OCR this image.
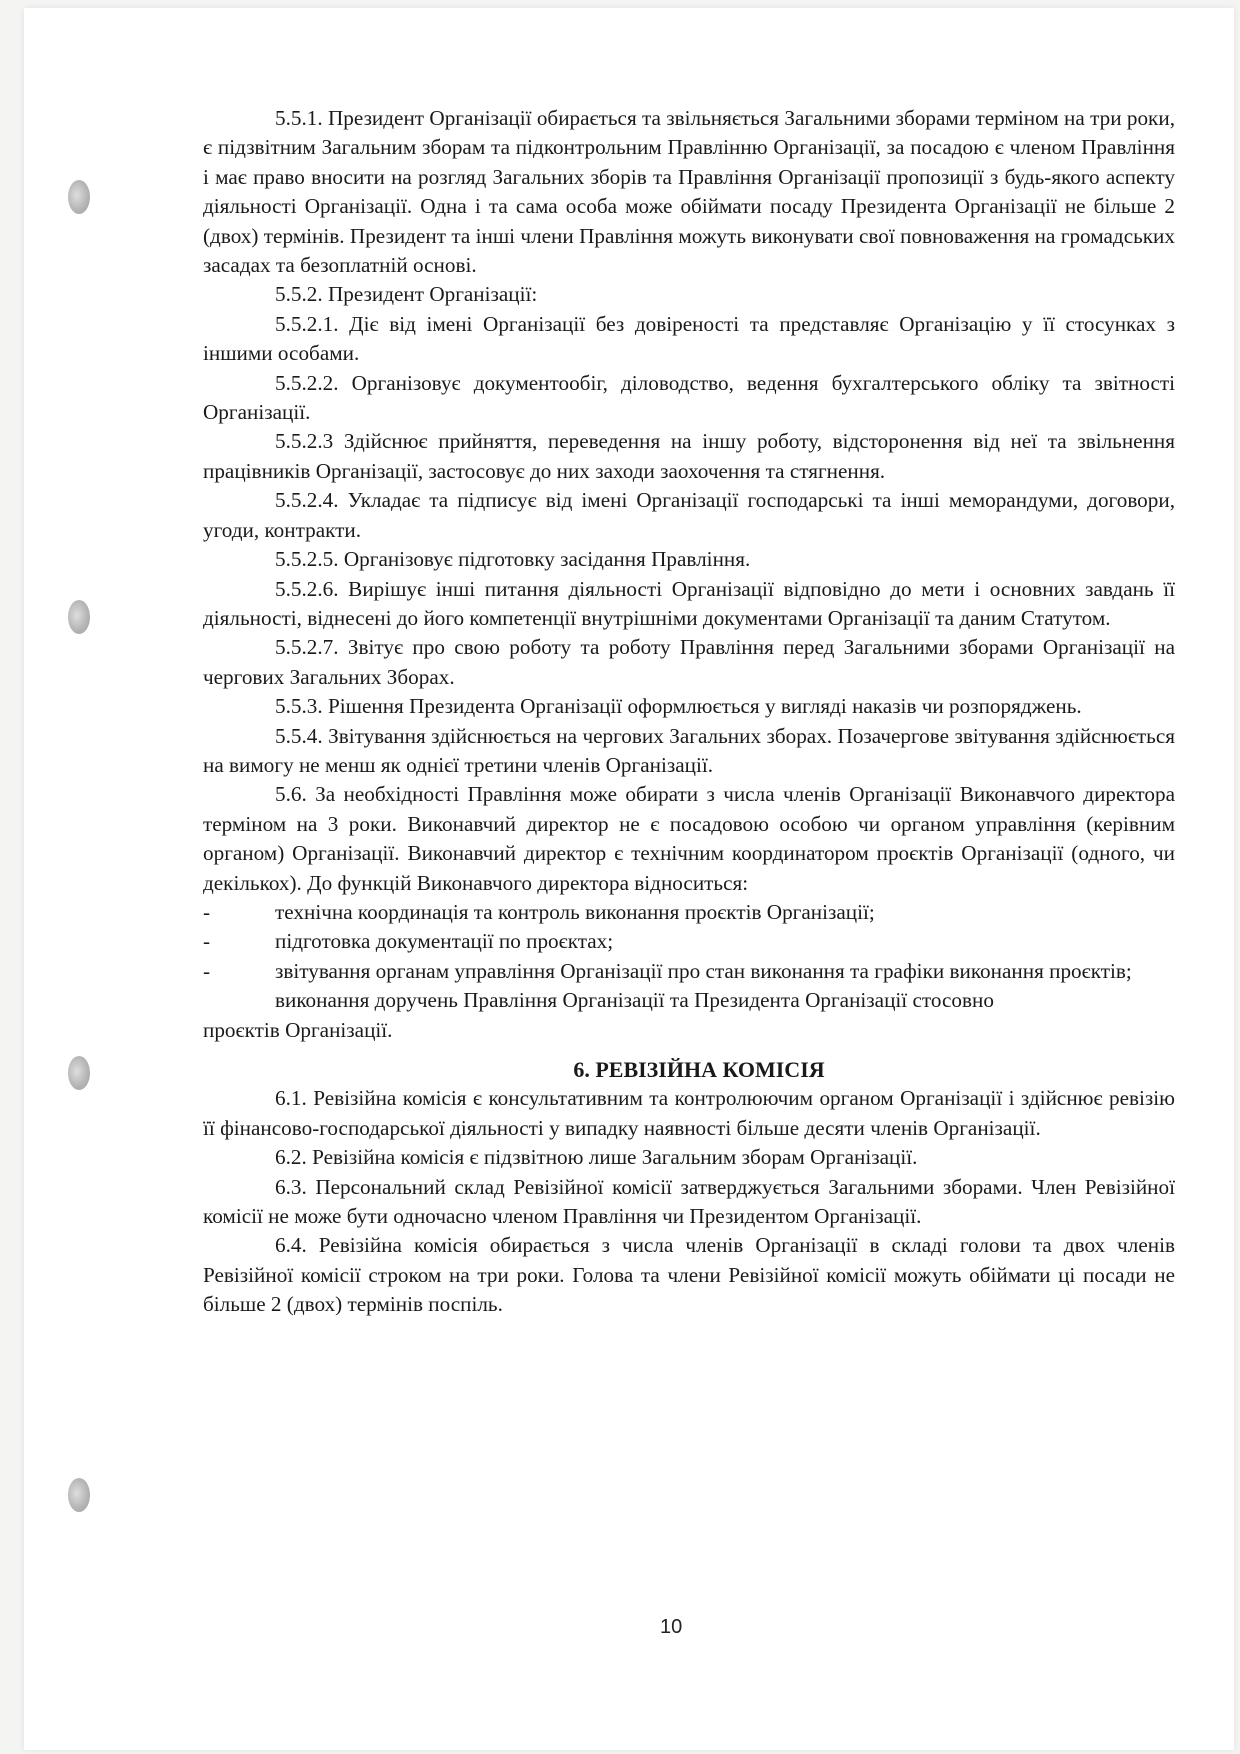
5.5.1. Президент Організації обирається та звільняється Загальними зборами терміном на три роки, є підзвітним Загальним зборам та підконтрольним Правлінню Організації, за посадою є членом Правління і має право вносити на розгляд Загальних зборів та Правління Організації пропозиції з будь-якого аспекту діяльності Організації. Одна і та сама особа може обіймати посаду Президента Організації не більше 2 (двох) термінів. Президент та інші члени Правління можуть виконувати свої повноваження на громадських засадах та безоплатній основі.

5.5.2. Президент Організації:

5.5.2.1. Діє від імені Організації без довіреності та представляє Організацію у її стосунках з іншими особами.

5.5.2.2. Організовує документообіг, діловодство, ведення бухгалтерського обліку та звітності Організації.

5.5.2.3 Здійснює прийняття, переведення на іншу роботу, відсторонення від неї та звільнення працівників Організації, застосовує до них заходи заохочення та стягнення.

5.5.2.4. Укладає та підписує від імені Організації господарські та інші меморандуми, договори, угоди, контракти.

5.5.2.5. Організовує підготовку засідання Правління.

5.5.2.6. Вирішує інші питання діяльності Організації відповідно до мети і основних завдань її діяльності, віднесені до його компетенції внутрішніми документами Організації та даним Статутом.

5.5.2.7. Звітує про свою роботу та роботу Правління перед Загальними зборами Організації на чергових Загальних Зборах.

5.5.3. Рішення Президента Організації оформлюється у вигляді наказів чи розпоряджень.

5.5.4. Звітування здійснюється на чергових Загальних зборах. Позачергове звітування здійснюється на вимогу не менш як однієї третини членів Організації.

5.6. За необхідності Правління може обирати з числа членів Організації Виконавчого директора терміном на 3 роки. Виконавчий директор не є посадовою особою чи органом управління (керівним органом) Організації. Виконавчий директор є технічним координатором проєктів Організації (одного, чи декількох). До функцій Виконавчого директора відноситься:

-	технічна координація та контроль виконання проєктів Організації;
-	підготовка документації по проєктах;
-	звітування органам управління Організації про стан виконання та графіки виконання проєктів;

виконання доручень Правління Організації та Президента Організації стосовно

проєктів Організації.

6. РЕВІЗІЙНА КОМІСІЯ

6.1. Ревізійна комісія є консультативним та контролюючим органом Організації і здійснює ревізію її фінансово-господарської діяльності у випадку наявності більше десяти членів Організації.

6.2. Ревізійна комісія є підзвітною лише Загальним зборам Організації.

6.3. Персональний склад Ревізійної комісії затверджується Загальними зборами. Член Ревізійної комісії не може бути одночасно членом Правління чи Президентом Організації.

6.4. Ревізійна комісія обирається з числа членів Організації в складі голови та двох членів Ревізійної комісії строком на три роки. Голова та члени Ревізійної комісії можуть обіймати ці посади не більше 2 (двох) термінів поспіль.

10
